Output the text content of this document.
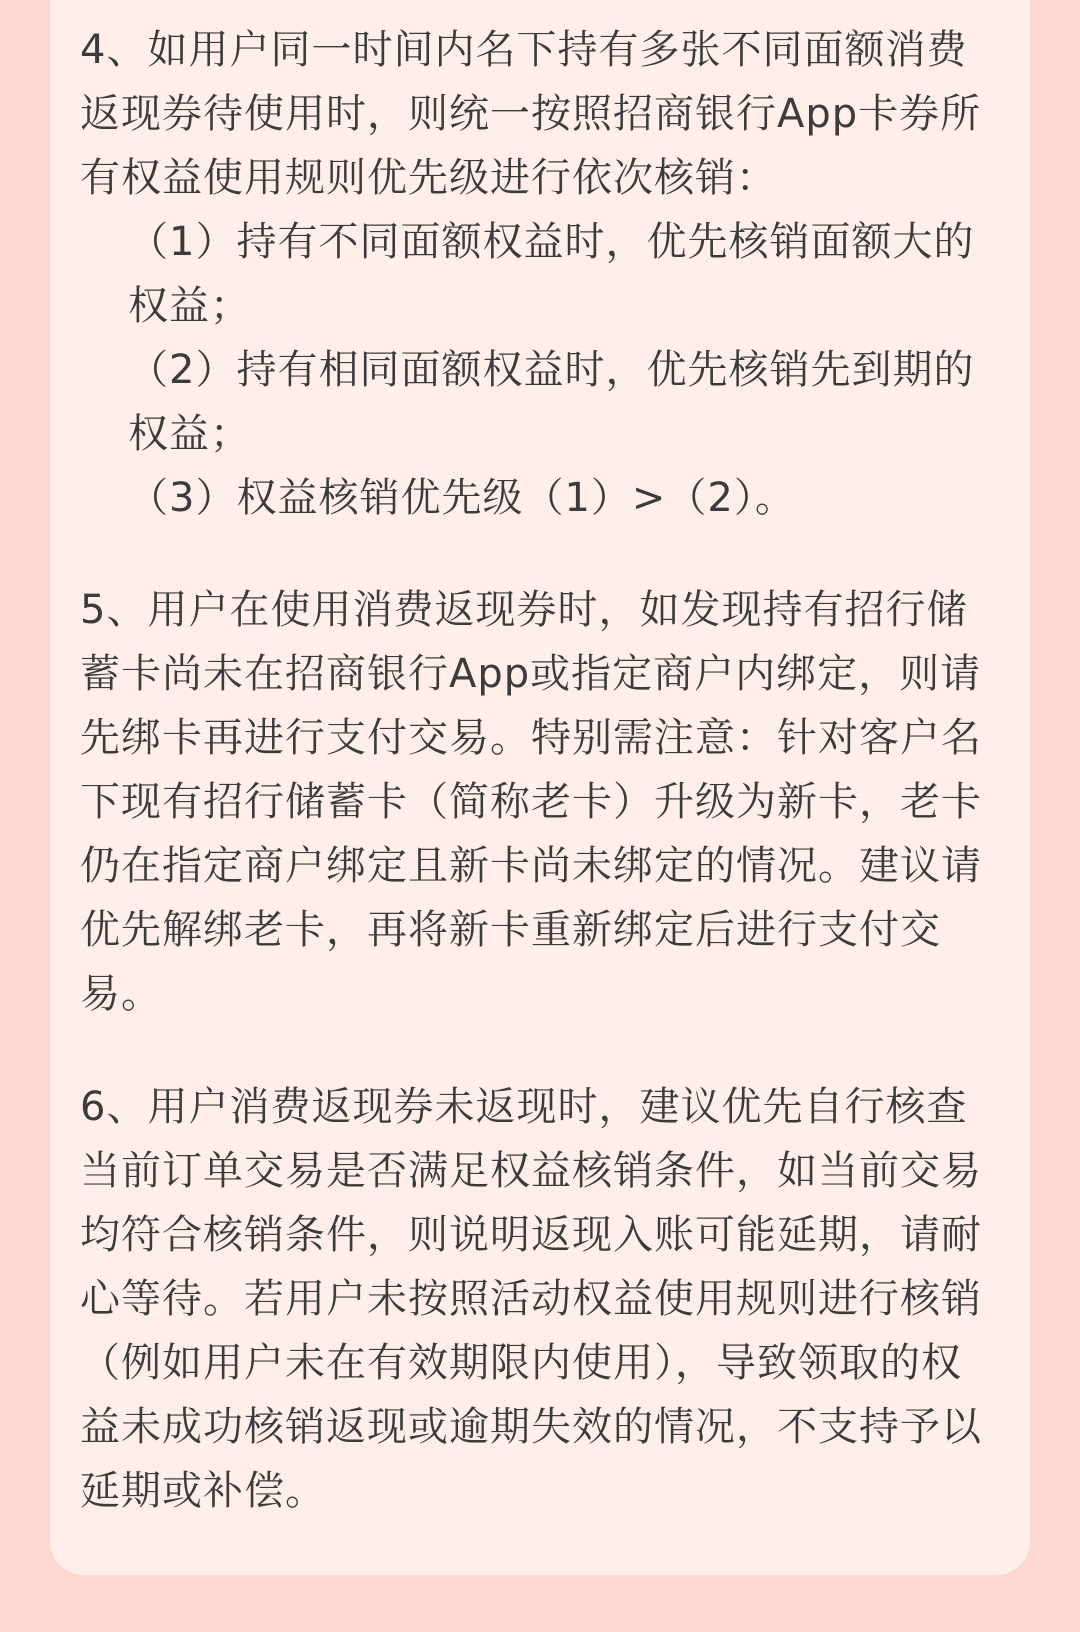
4、如用户同一时间内名下持有多张不同面额消费返现券待使用时，则统一按照招商银行App卡券所有权益使用规则优先级进行依次核销：
（1）持有不同面额权益时，优先核销面额大的权益；
（2）持有相同面额权益时，优先核销先到期的权益；
（3）权益核销优先级（1）>（2）。
5、用户在使用消费返现券时，如发现持有招行储蓄卡尚未在招商银行App或指定商户内绑定，则请先绑卡再进行支付交易。特别需注意：针对客户名下现有招行储蓄卡（简称老卡）升级为新卡，老卡仍在指定商户绑定且新卡尚未绑定的情况。建议请优先解绑老卡，再将新卡重新绑定后进行支付交易。
6、用户消费返现券未返现时，建议优先自行核查当前订单交易是否满足权益核销条件，如当前交易均符合核销条件，则说明返现入账可能延期，请耐心等待。若用户未按照活动权益使用规则进行核销（例如用户未在有效期限内使用），导致领取的权益未成功核销返现或逾期失效的情况，不支持予以延期或补偿。
